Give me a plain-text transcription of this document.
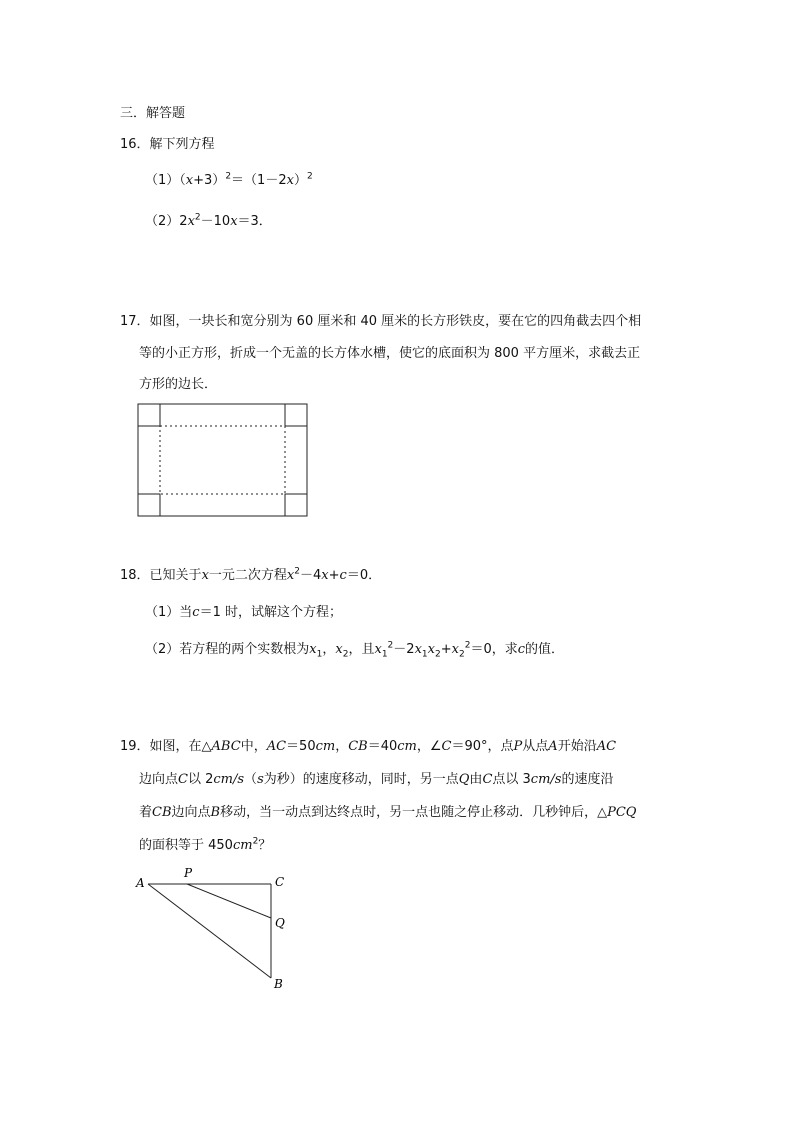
三．解答题
16．解下列方程
$(1)(x+3)^2=(1-2x)^2$
$(2)2x^2-10x=3$．
17．如图，一块长和宽分别为 60 厘米和 40 厘米的长方形铁皮，要在它的四角截去四个相
等的小正方形，折成一个无盖的长方体水槽，使它的底面积为 800 平方厘米，求截去正
方形的边长．
18．已知关于x一元二次方程$x^2-4x+c=0$．
（1）当c＝1 时，试解这个方程；
（2）若方程的两个实数根为$x_1$，$x_2$，且$x_1^2-2x_1x_2+x_2^2=0$，求c的值．
19．如图，在△ABC中，AC＝50cm，CB＝40cm，∠C＝90°，点P从点A开始沿AC
边向点C以 2cm/s（s为秒）的速度移动，同时，另一点Q由C点以 3cm/s的速度沿
着CB边向点B移动，当一动点到达终点时，另一点也随之停止移动．几秒钟后，△PCQ
的面积等于 $450cm^2$？
A
P
C
Q
B
